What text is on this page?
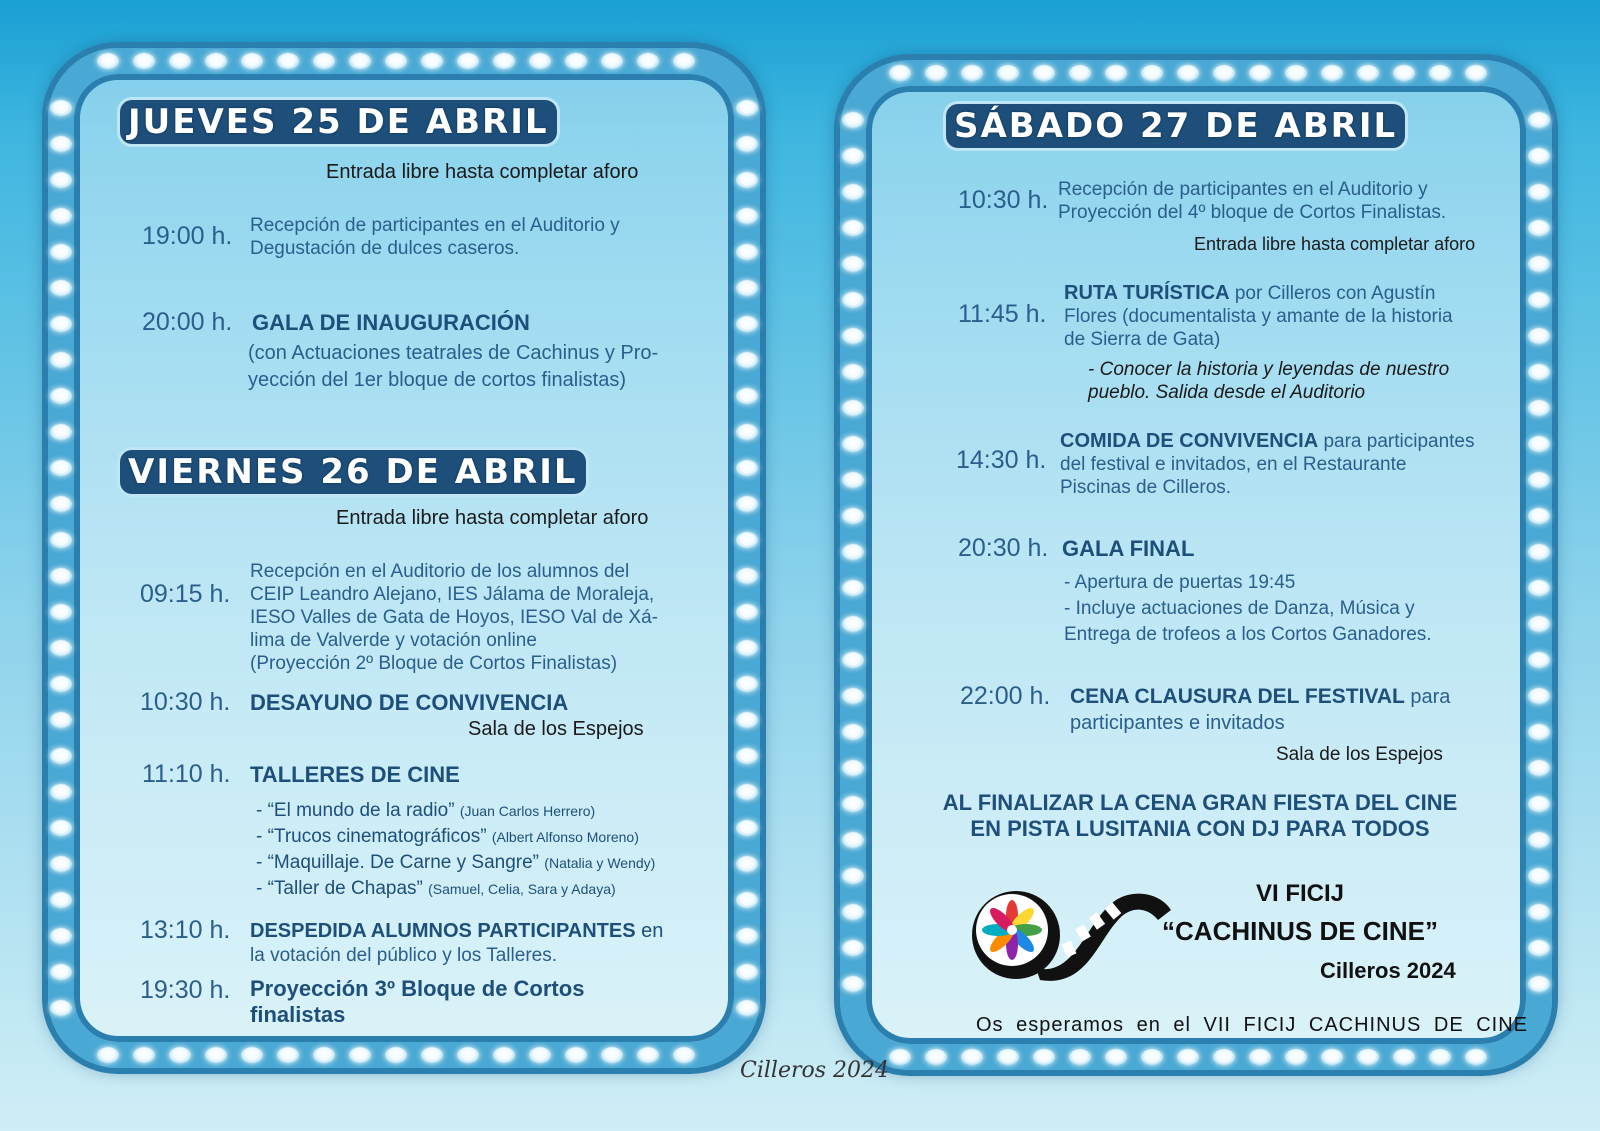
JUEVES 25 DE ABRIL
Entrada libre hasta completar aforo
19:00 h. Recepción de participantes en el Auditorio y
Degustación de dulces caseros.
20:00 h. GALA DE INAUGURACIÓN
(con Actuaciones teatrales de Cachinus y Pro-
yección del 1er bloque de cortos finalistas)
VIERNES 26 DE ABRIL
Entrada libre hasta completar aforo
09:15 h.
Recepción en el Auditorio de los alumnos del
CEIP Leandro Alejano, IES Jálama de Moraleja,
IESO Valles de Gata de Hoyos, IESO Val de Xá-
lima de Valverde y votación online
(Proyección 2º Bloque de Cortos Finalistas)
10:30 h. DESAYUNO DE CONVIVENCIA
Sala de los Espejos
11:10 h. TALLERES DE CINE
- “El mundo de la radio” (Juan Carlos Herrero)
- “Trucos cinematográficos” (Albert Alfonso Moreno)
- “Maquillaje. De Carne y Sangre” (Natalia y Wendy)
- “Taller de Chapas” (Samuel, Celia, Sara y Adaya)
13:10 h. DESPEDIDA ALUMNOS PARTICIPANTES en
la votación del público y los Talleres.
19:30 h. Proyección 3º Bloque de Cortos
finalistas
SÁBADO 27 DE ABRIL
10:30 h. Recepción de participantes en el Auditorio y
Proyección del 4º bloque de Cortos Finalistas.
Entrada libre hasta completar aforo
11:45 h.
RUTA TURÍSTICA por Cilleros con Agustín
Flores (documentalista y amante de la historia
de Sierra de Gata)
- Conocer la historia y leyendas de nuestro
pueblo. Salida desde el Auditorio
14:30 h.
COMIDA DE CONVIVENCIA para participantes
del festival e invitados, en el Restaurante
Piscinas de Cilleros.
20:30 h. GALA FINAL
- Apertura de puertas 19:45
- Incluye actuaciones de Danza, Música y
Entrega de trofeos a los Cortos Ganadores.
22:00 h. CENA CLAUSURA DEL FESTIVAL para
participantes e invitados
Sala de los Espejos
AL FINALIZAR LA CENA GRAN FIESTA DEL CINE
EN PISTA LUSITANIA CON DJ PARA TODOS
VI FICIJ
“CACHINUS DE CINE”
Cilleros 2024
Os esperamos en el VII FICIJ CACHINUS DE CINE
Cilleros 2024
